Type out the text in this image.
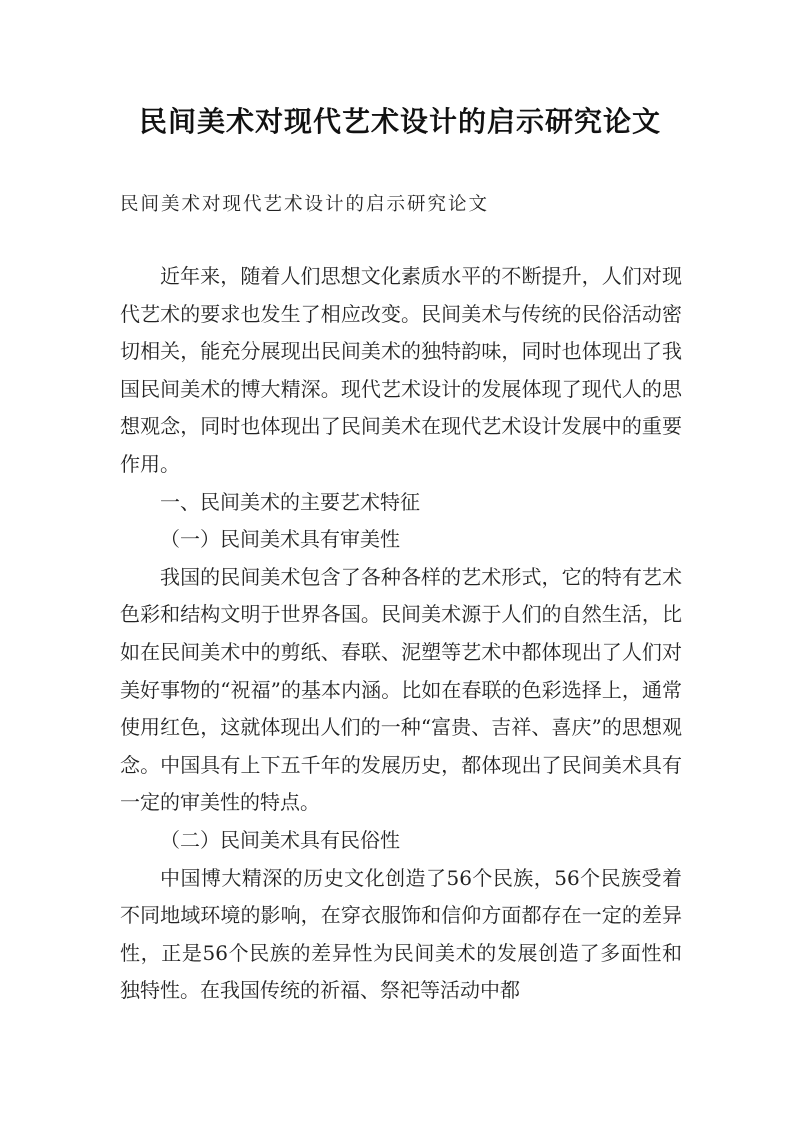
民间美术对现代艺术设计的启示研究论文

民间美术对现代艺术设计的启示研究论文

近年来，随着人们思想文化素质水平的不断提升，人们对现代艺术的要求也发生了相应改变。民间美术与传统的民俗活动密切相关，能充分展现出民间美术的独特韵味，同时也体现出了我国民间美术的博大精深。现代艺术设计的发展体现了现代人的思想观念，同时也体现出了民间美术在现代艺术设计发展中的重要作用。

一、民间美术的主要艺术特征

（一）民间美术具有审美性

我国的民间美术包含了各种各样的艺术形式，它的特有艺术色彩和结构文明于世界各国。民间美术源于人们的自然生活，比如在民间美术中的剪纸、春联、泥塑等艺术中都体现出了人们对美好事物的“祝福”的基本内涵。比如在春联的色彩选择上，通常使用红色，这就体现出人们的一种“富贵、吉祥、喜庆”的思想观念。中国具有上下五千年的发展历史，都体现出了民间美术具有一定的审美性的特点。

（二）民间美术具有民俗性

中国博大精深的历史文化创造了56个民族，56个民族受着不同地域环境的影响，在穿衣服饰和信仰方面都存在一定的差异性，正是56个民族的差异性为民间美术的发展创造了多面性和独特性。在我国传统的祈福、祭祀等活动中都
